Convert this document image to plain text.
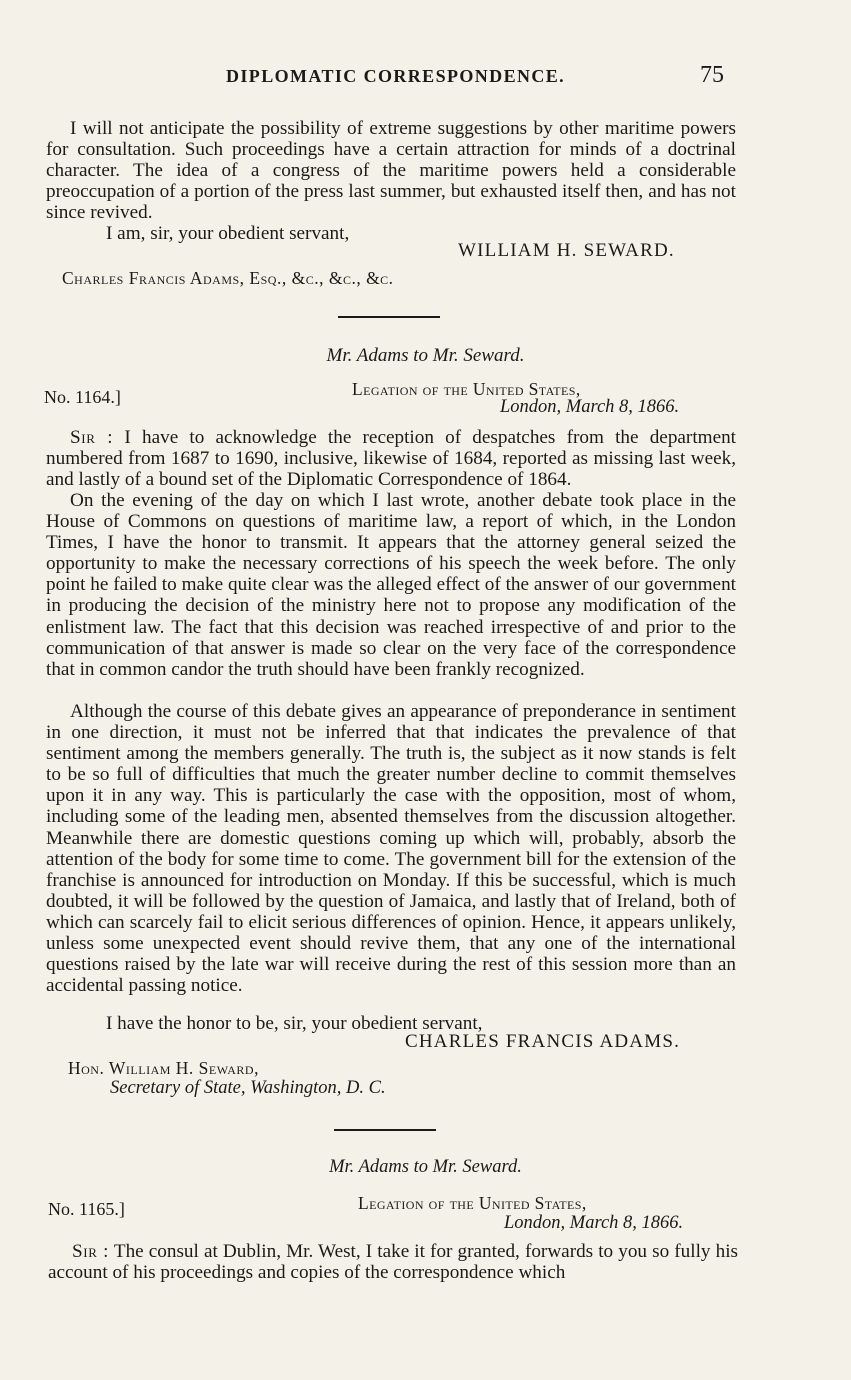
DIPLOMATIC CORRESPONDENCE.	75

I will not anticipate the possibility of extreme suggestions by other maritime powers for consultation. Such proceedings have a certain attraction for minds of a doctrinal character. The idea of a congress of the maritime powers held a considerable preoccupation of a portion of the press last summer, but exhausted itself then, and has not since revived.

I am, sir, your obedient servant,

WILLIAM H. SEWARD.
Charles Francis Adams, Esq., &c., &c., &c.
Mr. Adams to Mr. Seward.
No. 1164.]	Legation of the United States,
London, March 8, 1866.

Sir : I have to acknowledge the reception of despatches from the department numbered from 1687 to 1690, inclusive, likewise of 1684, reported as missing last week, and lastly of a bound set of the Diplomatic Correspondence of 1864.

On the evening of the day on which I last wrote, another debate took place in the House of Commons on questions of maritime law, a report of which, in the London Times, I have the honor to transmit. It appears that the attorney general seized the opportunity to make the necessary corrections of his speech the week before. The only point he failed to make quite clear was the alleged effect of the answer of our government in producing the decision of the ministry here not to propose any modification of the enlistment law. The fact that this decision was reached irrespective of and prior to the communication of that answer is made so clear on the very face of the correspondence that in common candor the truth should have been frankly recognized.

Although the course of this debate gives an appearance of preponderance in sentiment in one direction, it must not be inferred that that indicates the prevalence of that sentiment among the members generally. The truth is, the subject as it now stands is felt to be so full of difficulties that much the greater number decline to commit themselves upon it in any way. This is particularly the case with the opposition, most of whom, including some of the leading men, absented themselves from the discussion altogether. Meanwhile there are domestic questions coming up which will, probably, absorb the attention of the body for some time to come. The government bill for the extension of the franchise is announced for introduction on Monday. If this be successful, which is much doubted, it will be followed by the question of Jamaica, and lastly that of Ireland, both of which can scarcely fail to elicit serious differences of opinion. Hence, it appears unlikely, unless some unexpected event should revive them, that any one of the international questions raised by the late war will receive during the rest of this session more than an accidental passing notice.

I have the honor to be, sir, your obedient servant,

CHARLES FRANCIS ADAMS.
Hon. William H. Seward,
Secretary of State, Washington, D. C.
Mr. Adams to Mr. Seward.
No. 1165.]	Legation of the United States,
London, March 8, 1866.

Sir : The consul at Dublin, Mr. West, I take it for granted, forwards to you so fully his account of his proceedings and copies of the correspondence which
